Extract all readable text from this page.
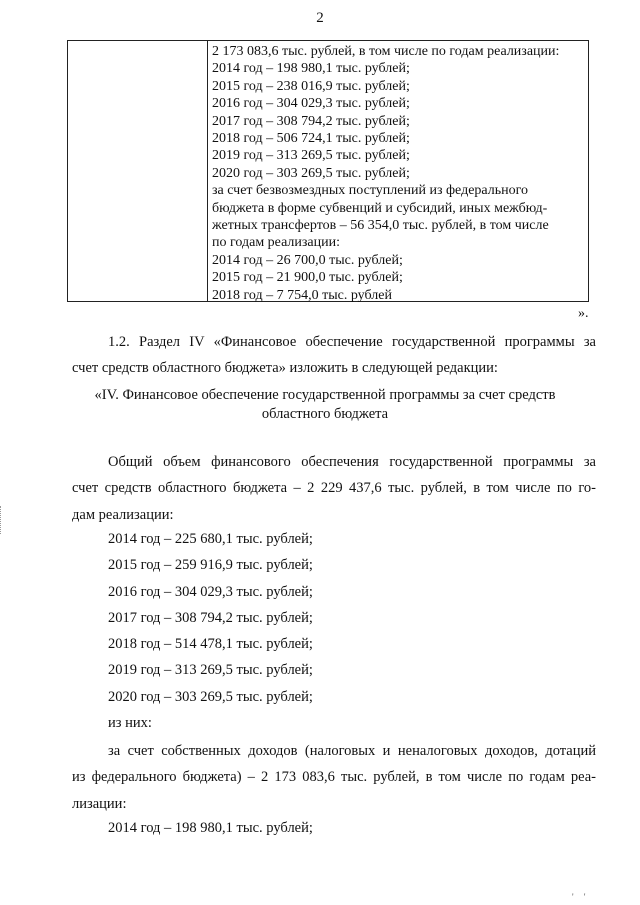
2
2 173 083,6 тыс. рублей, в том числе по годам реализации:
2014 год – 198 980,1 тыс. рублей;
2015 год – 238 016,9 тыс. рублей;
2016 год – 304 029,3 тыс. рублей;
2017 год – 308 794,2 тыс. рублей;
2018 год – 506 724,1 тыс. рублей;
2019 год – 313 269,5 тыс. рублей;
2020 год – 303 269,5 тыс. рублей;
за счет безвозмездных поступлений из федерального
бюджета в форме субвенций и субсидий, иных межбюд-
жетных трансфертов – 56 354,0 тыс. рублей, в том числе
по годам реализации:
2014 год – 26 700,0 тыс. рублей;
2015 год – 21 900,0 тыс. рублей;
2018 год – 7 754,0 тыс. рублей
».
1.2. Раздел IV «Финансовое обеспечение государственной программы за
счет средств областного бюджета» изложить в следующей редакции:
«IV. Финансовое обеспечение государственной программы за счет средств
областного бюджета
Общий объем финансового обеспечения государственной программы за
счет средств областного бюджета – 2 229 437,6 тыс. рублей, в том числе по го-
дам реализации:
2014 год – 225 680,1 тыс. рублей;
2015 год – 259 916,9 тыс. рублей;
2016 год – 304 029,3 тыс. рублей;
2017 год – 308 794,2 тыс. рублей;
2018 год – 514 478,1 тыс. рублей;
2019 год – 313 269,5 тыс. рублей;
2020 год – 303 269,5 тыс. рублей;
из них:
за счет собственных доходов (налоговых и неналоговых доходов, дотаций
из федерального бюджета) – 2 173 083,6 тыс. рублей, в том числе по годам реа-
лизации:
2014 год – 198 980,1 тыс. рублей;
' '
